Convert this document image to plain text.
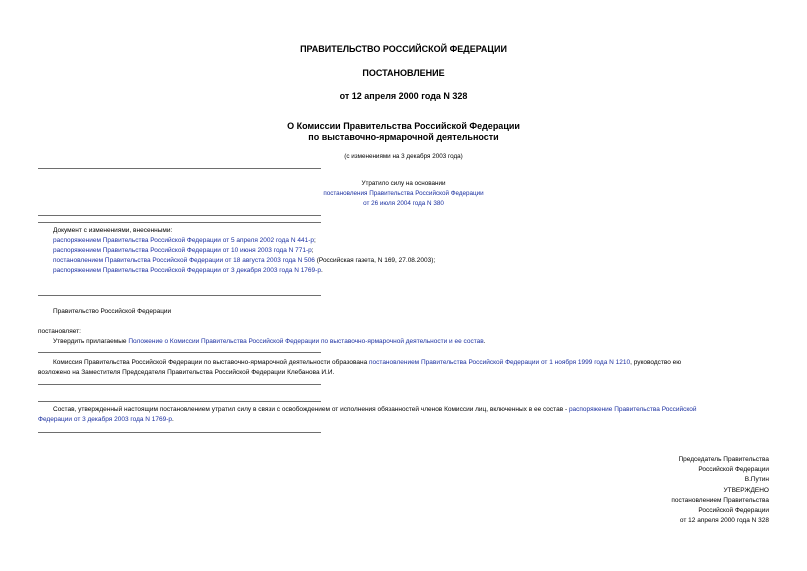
ПРАВИТЕЛЬСТВО РОССИЙСКОЙ ФЕДЕРАЦИИ
ПОСТАНОВЛЕНИЕ
от 12 апреля 2000 года N 328
О Комиссии Правительства Российской Федерации
по выставочно-ярмарочной деятельности
(с изменениями на 3 декабря 2003 года)
Утратило силу на основании
постановления Правительства Российской Федерации
от 26 июля 2004 года N 380
Документ с изменениями, внесенными:
распоряжением Правительства Российской Федерации от 5 апреля 2002 года N 441-р;
распоряжением Правительства Российской Федерации от 10 июня 2003 года N 771-р;
постановлением Правительства Российской Федерации от 18 августа 2003 года N 506 (Российская газета, N 169, 27.08.2003);
распоряжением Правительства Российской Федерации от 3 декабря 2003 года N 1769-р.
Правительство Российской Федерации
постановляет:
Утвердить прилагаемые Положение о Комиссии Правительства Российской Федерации по выставочно-ярмарочной деятельности и ее состав.
Комиссия Правительства Российской Федерации по выставочно-ярмарочной деятельности образована постановлением Правительства Российской Федерации от 1 ноября 1999 года N 1210, руководство ею
возложено на Заместителя Председателя Правительства Российской Федерации Клебанова И.И.
Состав, утвержденный настоящим постановлением утратил силу в связи с освобождением от исполнения обязанностей членов Комиссии лиц, включенных в ее состав - распоряжение Правительства Российской
Федерации от 3 декабря 2003 года N 1769-р.
Председатель Правительства
Российской Федерации
В.Путин
УТВЕРЖДЕНО
постановлением Правительства
Российской Федерации
от 12 апреля 2000 года N 328
